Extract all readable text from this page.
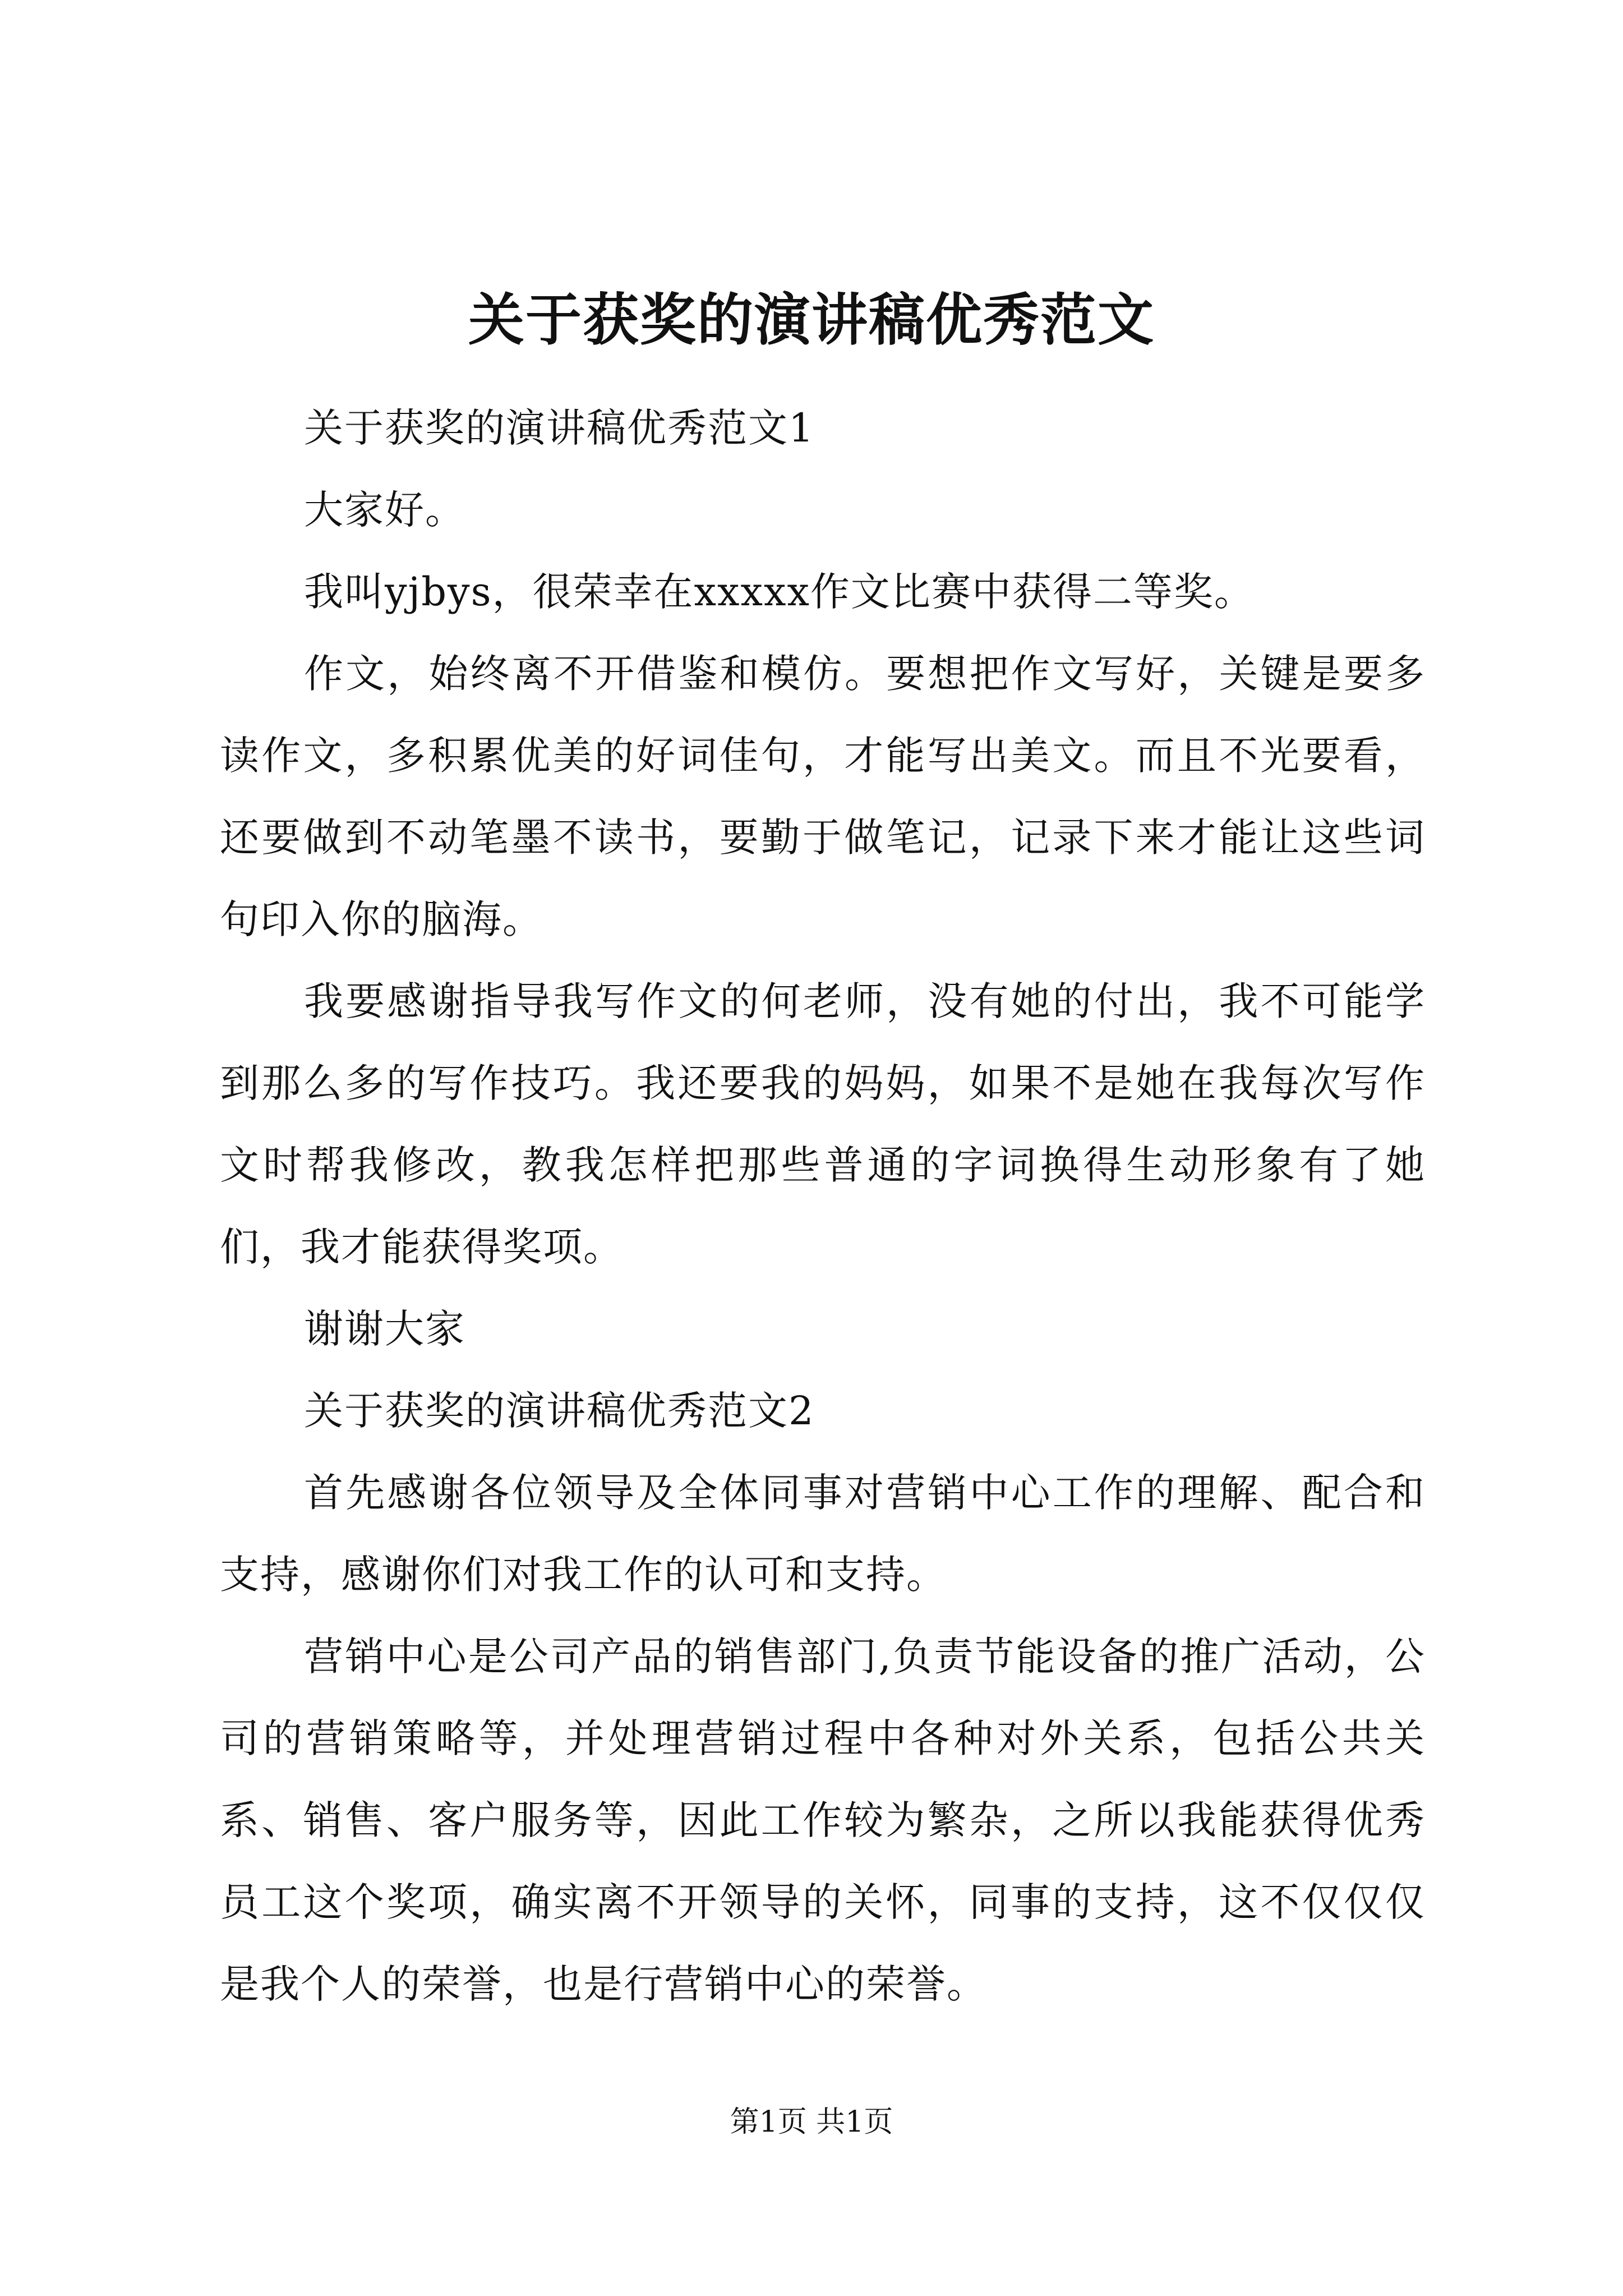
关于获奖的演讲稿优秀范文

关于获奖的演讲稿优秀范文1

大家好。

我叫yjbys，很荣幸在xxxxx作文比赛中获得二等奖。

作文，始终离不开借鉴和模仿。要想把作文写好，关键是要多读作文，多积累优美的好词佳句，才能写出美文。而且不光要看，还要做到不动笔墨不读书，要勤于做笔记，记录下来才能让这些词句印入你的脑海。

我要感谢指导我写作文的何老师，没有她的付出，我不可能学到那么多的写作技巧。我还要我的妈妈，如果不是她在我每次写作文时帮我修改，教我怎样把那些普通的字词换得生动形象有了她们，我才能获得奖项。

谢谢大家

关于获奖的演讲稿优秀范文2

首先感谢各位领导及全体同事对营销中心工作的理解、配合和支持，感谢你们对我工作的认可和支持。

营销中心是公司产品的销售部门,负责节能设备的推广活动，公司的营销策略等，并处理营销过程中各种对外关系，包括公共关系、销售、客户服务等，因此工作较为繁杂，之所以我能获得优秀员工这个奖项，确实离不开领导的关怀，同事的支持，这不仅仅仅是我个人的荣誉，也是行营销中心的荣誉。

第1页 共1页
